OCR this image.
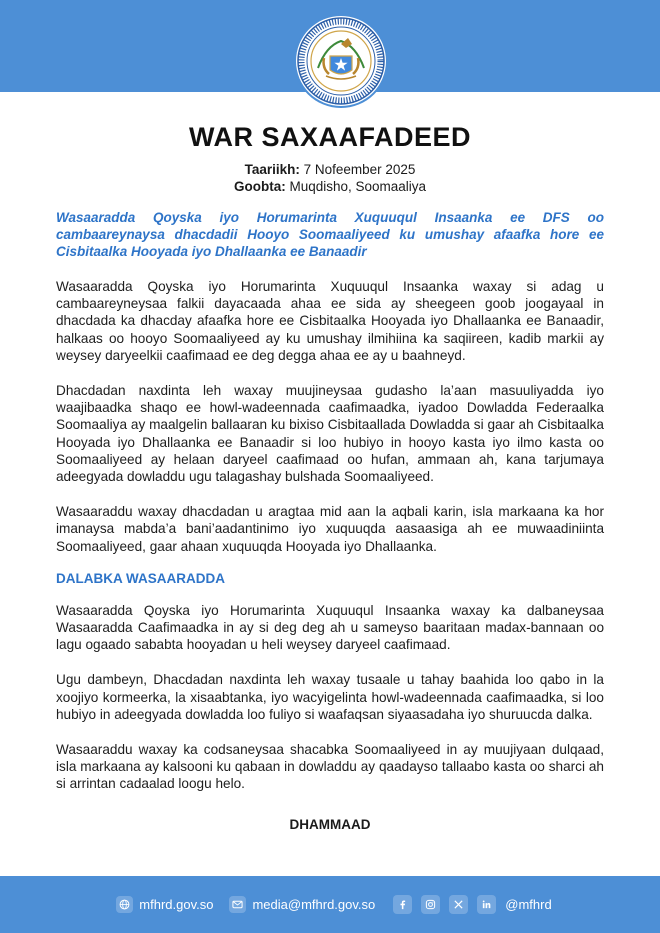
WAR SAXAAFADEED
Taariikh: 7 Nofeember 2025
Goobta: Muqdisho, Soomaaliya
Wasaaradda Qoyska iyo Horumarinta Xuquuqul Insaanka ee DFS oo cambaareynaysa dhacdadii Hooyo Soomaaliyeed ku umushay afaafka hore ee Cisbitaalka Hooyada iyo Dhallaanka ee Banaadir

Wasaaradda Qoyska iyo Horumarinta Xuquuqul Insaanka waxay si adag u cambaareyneysaa falkii dayacaada ahaa ee sida ay sheegeen goob joogayaal in dhacdada ka dhacday afaafka hore ee Cisbitaalka Hooyada iyo Dhallaanka ee Banaadir, halkaas oo hooyo Soomaaliyeed ay ku umushay ilmihiina ka saqiireen, kadib markii ay weysey daryeelkii caafimaad ee deg degga ahaa ee ay u baahneyd.

Dhacdadan naxdinta leh waxay muujineysaa gudasho la’aan masuuliyadda iyo waajibaadka shaqo ee howl-wadeennada caafimaadka, iyadoo Dowladda Federaalka Soomaaliya ay maalgelin ballaaran ku bixiso Cisbitaallada Dowladda si gaar ah Cisbitaalka Hooyada iyo Dhallaanka ee Banaadir si loo hubiyo in hooyo kasta iyo ilmo kasta oo Soomaaliyeed ay helaan daryeel caafimaad oo hufan, ammaan ah, kana tarjumaya adeegyada dowladdu ugu talagashay bulshada Soomaaliyeed.

Wasaaraddu waxay dhacdadan u aragtaa mid aan la aqbali karin, isla markaana ka hor imanaysa mabda’a bani’aadantinimo iyo xuquuqda aasaasiga ah ee muwaadiniinta Soomaaliyeed, gaar ahaan xuquuqda Hooyada iyo Dhallaanka.

DALABKA WASAARADDA

Wasaaradda Qoyska iyo Horumarinta Xuquuqul Insaanka waxay ka dalbaneysaa Wasaaradda Caafimaadka in ay si deg deg ah u sameyso baaritaan madax-bannaan oo lagu ogaado sababta hooyadan u heli weysey daryeel caafimaad.

Ugu dambeyn, Dhacdadan naxdinta leh waxay tusaale u tahay baahida loo qabo in la xoojiyo kormeerka, la xisaabtanka, iyo wacyigelinta howl-wadeennada caafimaadka, si loo hubiyo in adeegyada dowladda loo fuliyo si waafaqsan siyaasadaha iyo shuruucda dalka.

Wasaaraddu waxay ka codsaneysaa shacabka Soomaaliyeed in ay muujiyaan dulqaad, isla markaana ay kalsooni ku qabaan in dowladdu ay qaadayso tallaabo kasta oo sharci ah si arrintan cadaalad loogu helo.

DHAMMAAD
mfhrd.gov.so	media@mfhrd.gov.so	@mfhrd
